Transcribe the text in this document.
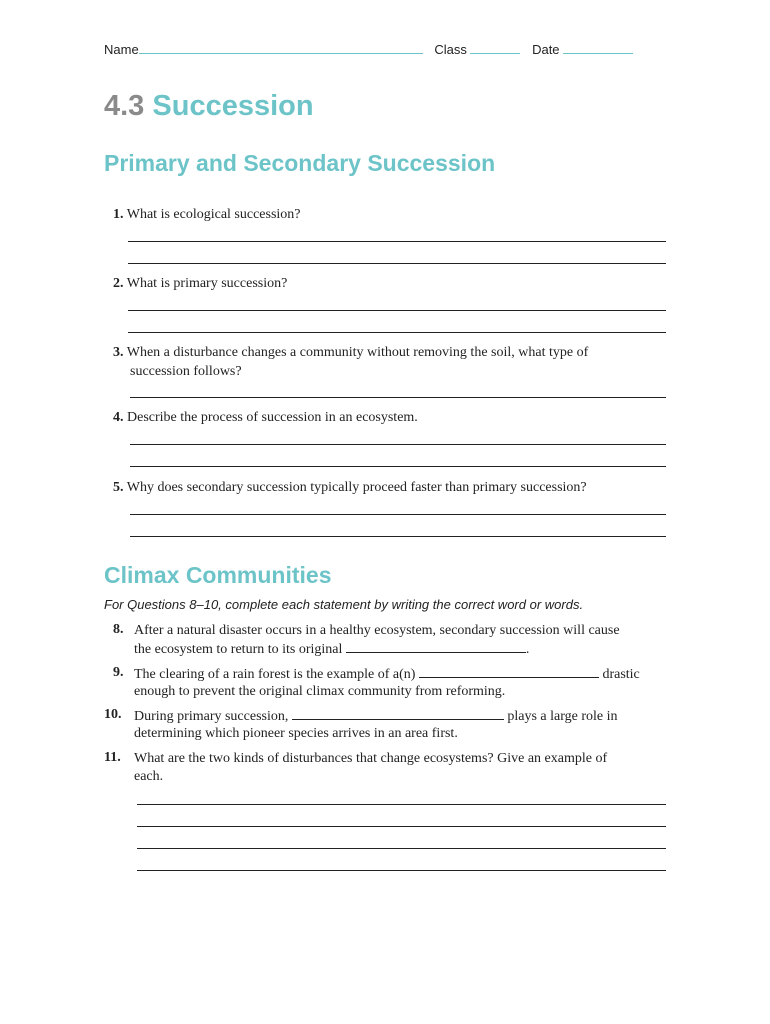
Name	Class	Date
4.3 Succession
Primary and Secondary Succession
1. What is ecological succession?
2. What is primary succession?
3. When a disturbance changes a community without removing the soil, what type of
succession follows?
4. Describe the process of succession in an ecosystem.
5. Why does secondary succession typically proceed faster than primary succession?
Climax Communities
For Questions 8–10, complete each statement by writing the correct word or words.
8. After a natural disaster occurs in a healthy ecosystem, secondary succession will cause
the ecosystem to return to its original	.
9. The clearing of a rain forest is the example of a(n)	drastic
enough to prevent the original climax community from reforming.
10. During primary succession,	plays a large role in
determining which pioneer species arrives in an area first.
11. What are the two kinds of disturbances that change ecosystems? Give an example of
each.
